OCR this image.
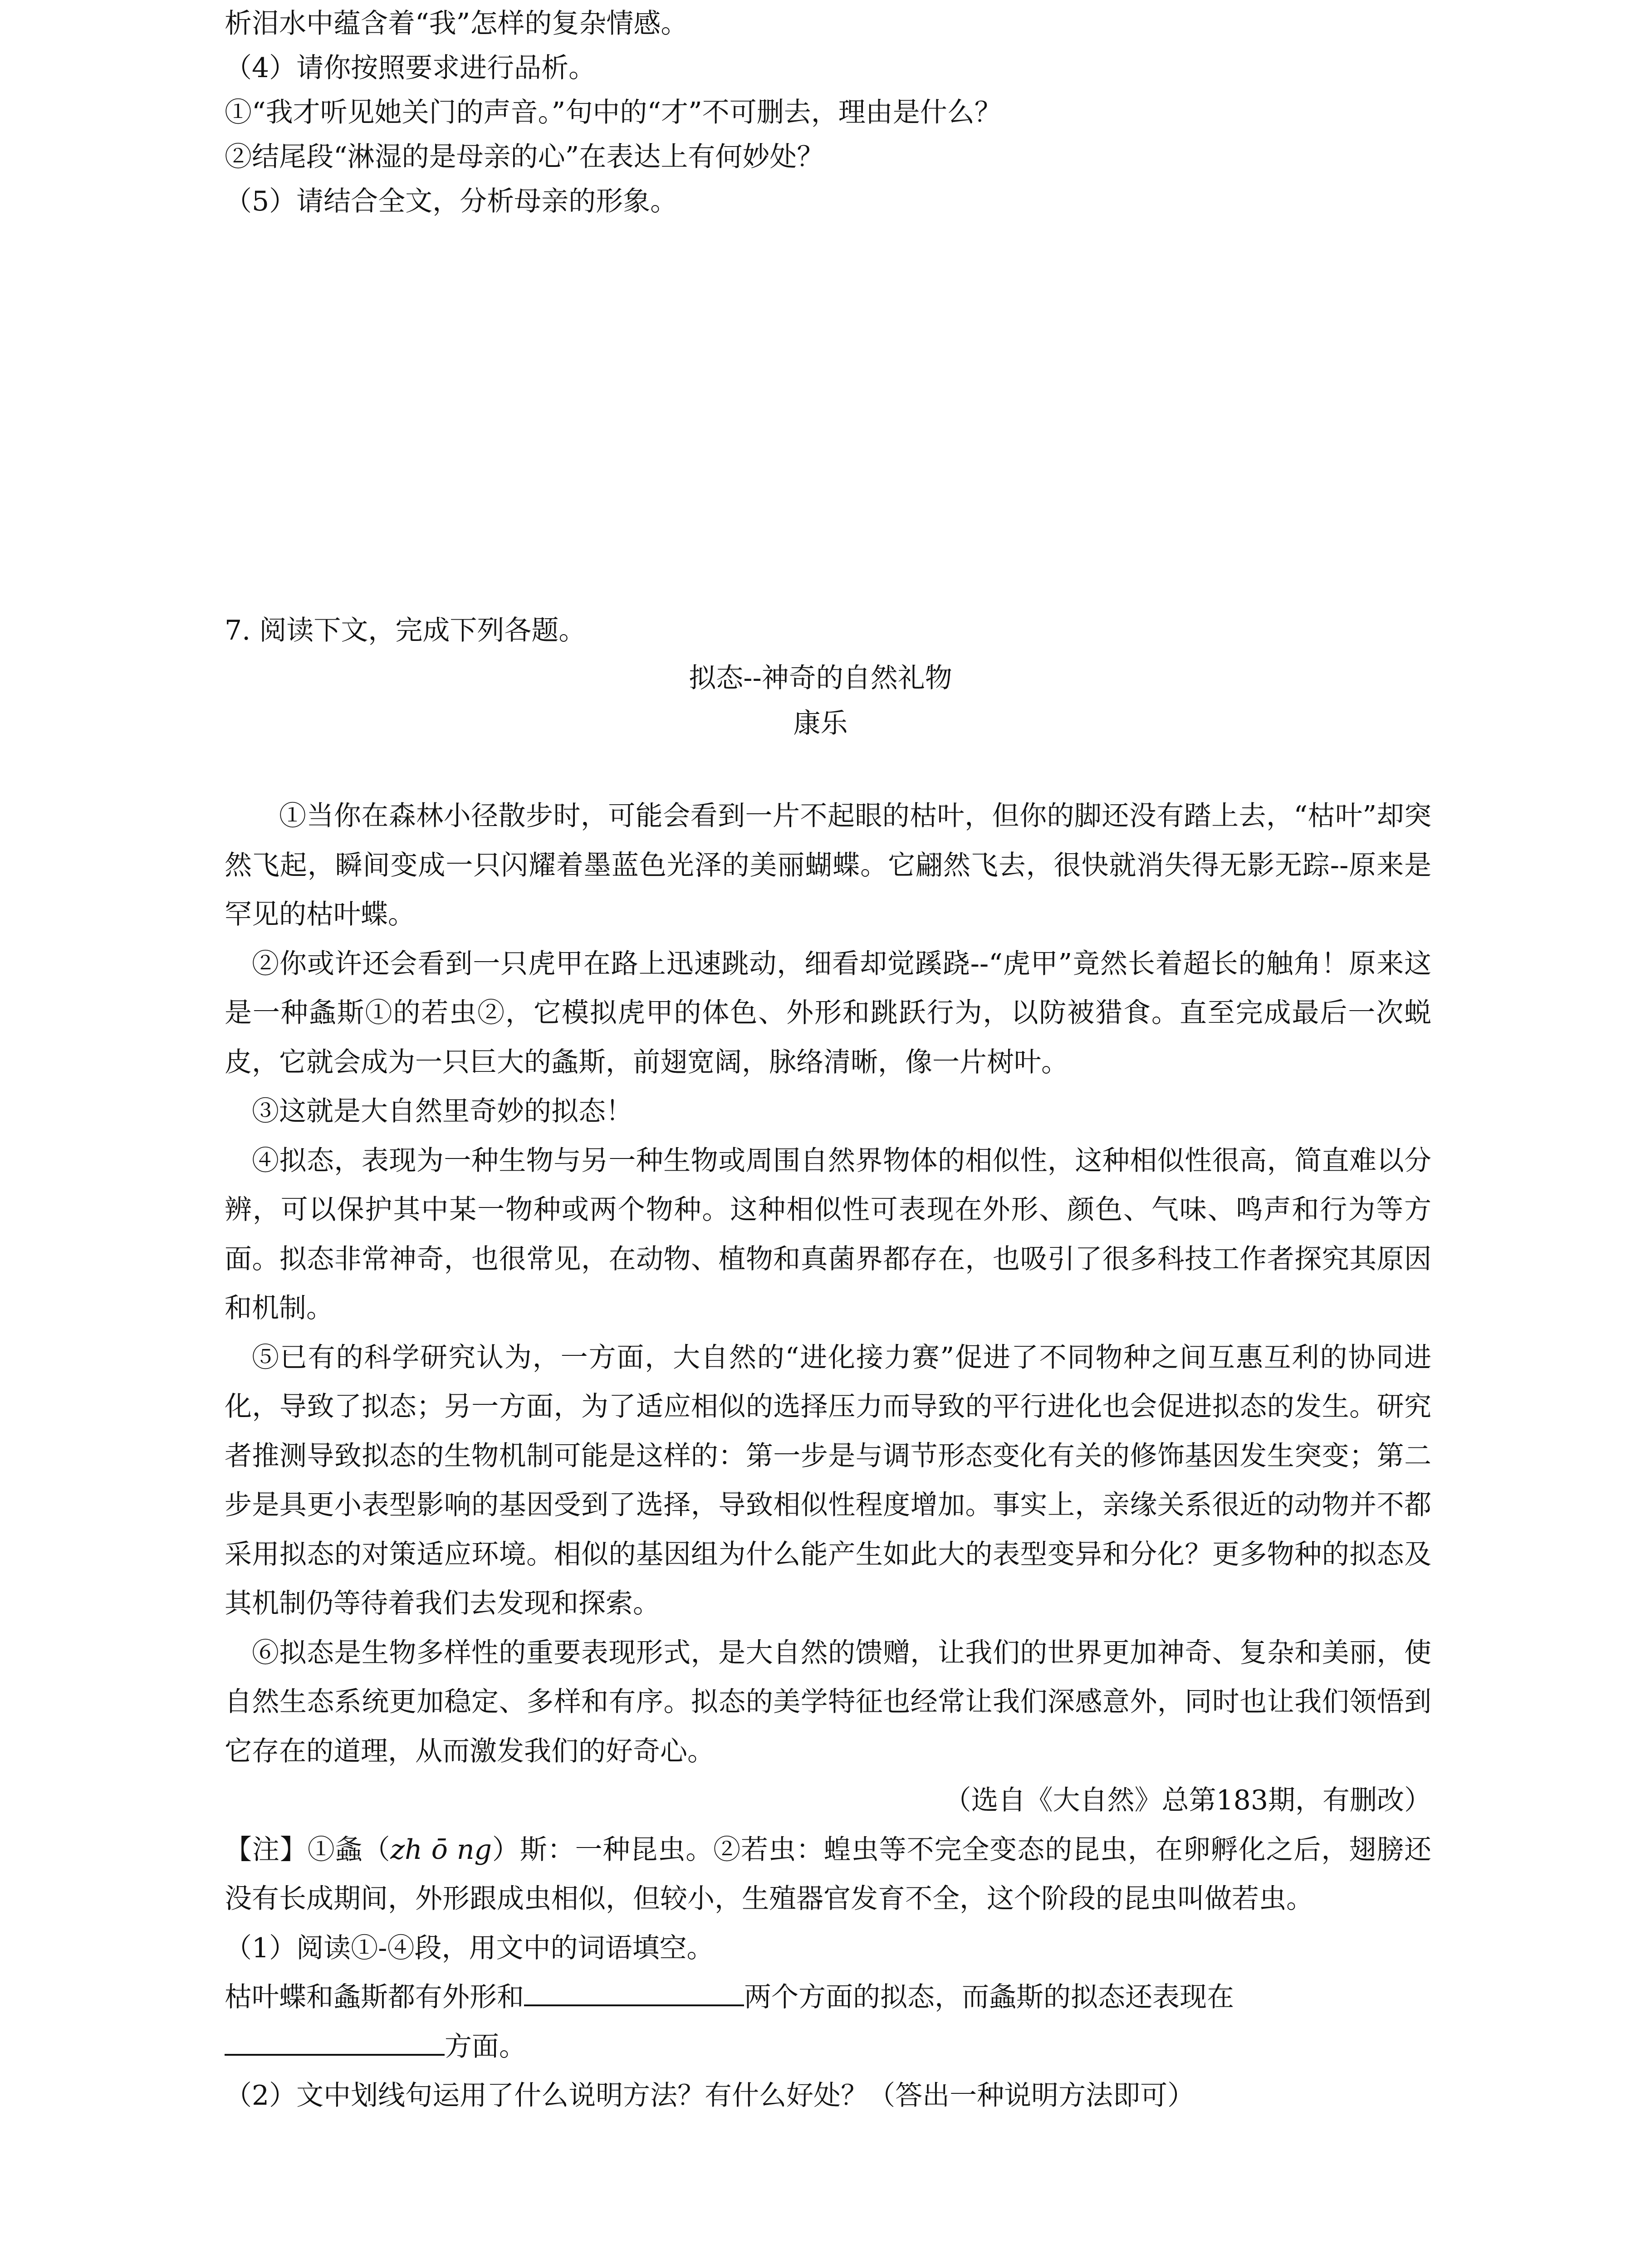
析泪水中蕴含着“我”怎样的复杂情感。
（4）请你按照要求进行品析。
①“我才听见她关门的声音。”句中的“才”不可删去，理由是什么？
②结尾段“淋湿的是母亲的心”在表达上有何妙处？
（5）请结合全文，分析母亲的形象。
7. 阅读下文，完成下列各题。
拟态--神奇的自然礼物
康乐

①当你在森林小径散步时，可能会看到一片不起眼的枯叶，但你的脚还没有踏上去，“枯叶”却突然飞起，瞬间变成一只闪耀着墨蓝色光泽的美丽蝴蝶。它翩然飞去，很快就消失得无影无踪--原来是罕见的枯叶蝶。

②你或许还会看到一只虎甲在路上迅速跳动，细看却觉蹊跷--“虎甲”竟然长着超长的触角！原来这是一种螽斯①的若虫②，它模拟虎甲的体色、外形和跳跃行为，以防被猎食。直至完成最后一次蜕皮，它就会成为一只巨大的螽斯，前翅宽阔，脉络清晰，像一片树叶。

③这就是大自然里奇妙的拟态！

④拟态，表现为一种生物与另一种生物或周围自然界物体的相似性，这种相似性很高，简直难以分辨，可以保护其中某一物种或两个物种。这种相似性可表现在外形、颜色、气味、鸣声和行为等方面。拟态非常神奇，也很常见，在动物、植物和真菌界都存在，也吸引了很多科技工作者探究其原因和机制。

⑤已有的科学研究认为，一方面，大自然的“进化接力赛”促进了不同物种之间互惠互利的协同进化，导致了拟态；另一方面，为了适应相似的选择压力而导致的平行进化也会促进拟态的发生。研究者推测导致拟态的生物机制可能是这样的：第一步是与调节形态变化有关的修饰基因发生突变；第二步是具更小表型影响的基因受到了选择，导致相似性程度增加。事实上，亲缘关系很近的动物并不都采用拟态的对策适应环境。相似的基因组为什么能产生如此大的表型变异和分化？更多物种的拟态及其机制仍等待着我们去发现和探索。

⑥拟态是生物多样性的重要表现形式，是大自然的馈赠，让我们的世界更加神奇、复杂和美丽，使自然生态系统更加稳定、多样和有序。拟态的美学特征也经常让我们深感意外，同时也让我们领悟到它存在的道理，从而激发我们的好奇心。

（选自《大自然》总第183期，有删改）

【注】①螽（zh ō ng）斯：一种昆虫。②若虫：蝗虫等不完全变态的昆虫，在卵孵化之后，翅膀还没有长成期间，外形跟成虫相似，但较小，生殖器官发育不全，这个阶段的昆虫叫做若虫。

（1）阅读①-④段，用文中的词语填空。

枯叶蝶和螽斯都有外形和	两个方面的拟态，而螽斯的拟态还表现在

方面。

（2）文中划线句运用了什么说明方法？有什么好处？（答出一种说明方法即可）
